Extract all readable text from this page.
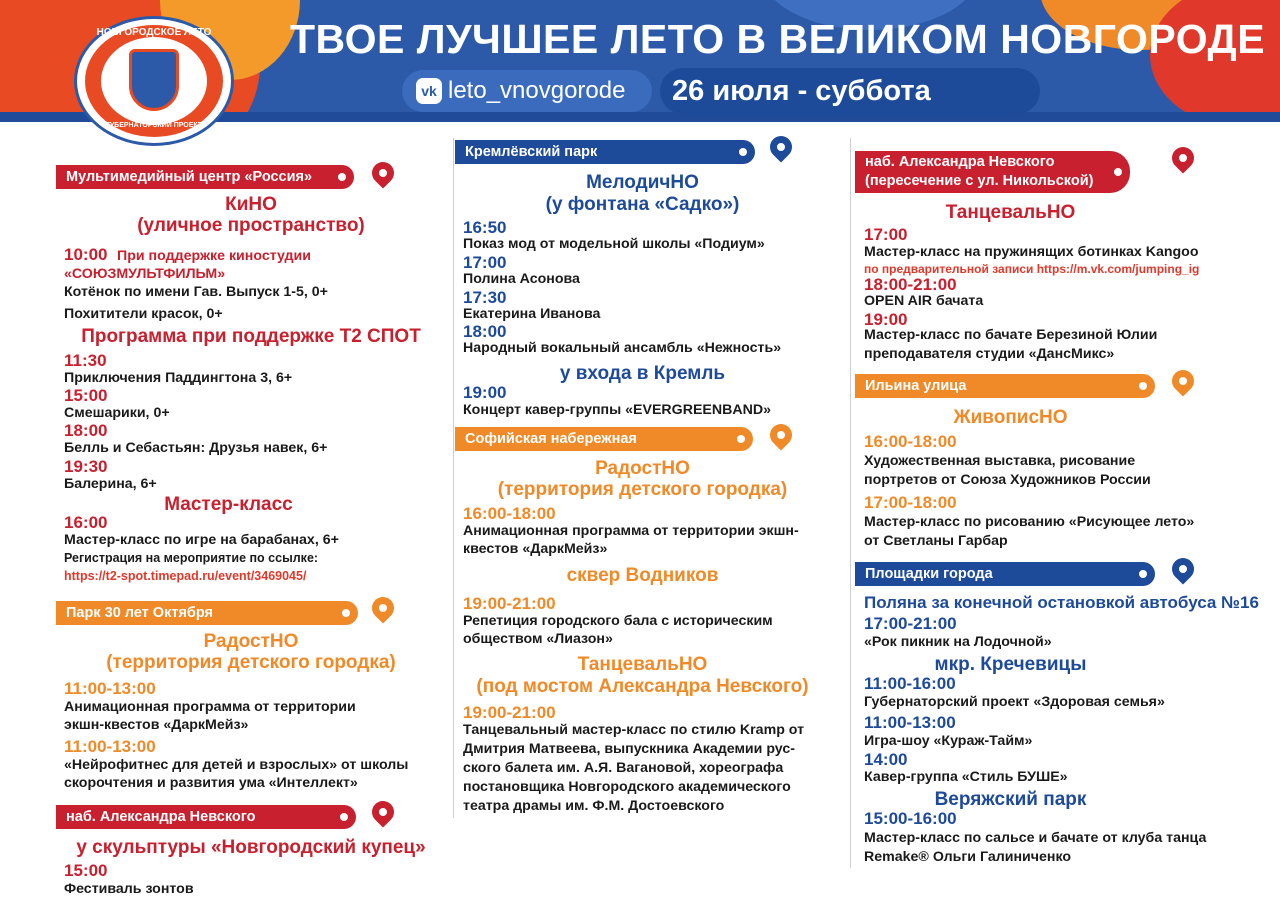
ТВОЕ ЛУЧШЕЕ ЛЕТО В ВЕЛИКОМ НОВГОРОДЕ
vk leto_vnovgorode 26 июля - суббота
НОВГОРОДСКОЕ ЛЕТО
ГУБЕРНАТОРСКИЙ ПРОЕКТ
Мультимедийный центр «Россия»
КиНО
(уличное пространство)
10:00 При поддержке киностудии
«СОЮЗМУЛЬТФИЛЬМ»
Котёнок по имени Гав. Выпуск 1-5, 0+
Похитители красок, 0+
Программа при поддержке Т2 СПОТ
11:30
Приключения Паддингтона 3, 6+
15:00
Смешарики, 0+
18:00
Белль и Себастьян: Друзья навек, 6+
19:30
Балерина, 6+
Мастер-класс
16:00
Мастер-класс по игре на барабанах, 6+
Регистрация на мероприятие по ссылке:
https://t2-spot.timepad.ru/event/3469045/
Парк 30 лет Октября
РадостНО
(территория детского городка)
11:00-13:00
Анимационная программа от территории
экшн-квестов «ДаркМейз»
11:00-13:00
«Нейрофитнес для детей и взрослых» от школы
скорочтения и развития ума «Интеллект»
наб. Александра Невского
у скульптуры «Новгородский купец»
15:00
Фестиваль зонтов
Кремлёвский парк
МелодичНО
(у фонтана «Садко»)
16:50
Показ мод от модельной школы «Подиум»
17:00
Полина Асонова
17:30
Екатерина Иванова
18:00
Народный вокальный ансамбль «Нежность»
у входа в Кремль
19:00
Концерт кавер-группы «EVERGREENBAND»
Софийская набережная
РадостНО
(территория детского городка)
16:00-18:00
Анимационная программа от территории экшн-
квестов «ДаркМейз»
сквер Водников
19:00-21:00
Репетиция городского бала с историческим
обществом «Лиазон»
ТанцевальНО
(под мостом Александра Невского)
19:00-21:00
Танцевальный мастер-класс по стилю Kramp от
Дмитрия Матвеева, выпускника Академии рус-
ского балета им. А.Я. Вагановой, хореографа
постановщика Новгородского академического
театра драмы им. Ф.М. Достоевского
наб. Александра Невского
(пересечение с ул. Никольской)
ТанцевальНО
17:00
Мастер-класс на пружинящих ботинках Kangoo
по предварительной записи https://m.vk.com/jumping_ig
18:00-21:00
OPEN AIR бачата
19:00
Мастер-класс по бачате Березиной Юлии
преподавателя студии «ДансМикс»
Ильина улица
ЖивописНО
16:00-18:00
Художественная выставка, рисование
портретов от Союза Художников России
17:00-18:00
Мастер-класс по рисованию «Рисующее лето»
от Светланы Гарбар
Площадки города
Поляна за конечной остановкой автобуса №16
17:00-21:00
«Рок пикник на Лодочной»
мкр. Кречевицы
11:00-16:00
Губернаторский проект «Здоровая семья»
11:00-13:00
Игра-шоу «Кураж-Тайм»
14:00
Кавер-группа «Стиль БУШЕ»
Веряжский парк
15:00-16:00
Мастер-класс по сальсе и бачате от клуба танца
Remake® Ольги Галиниченко
